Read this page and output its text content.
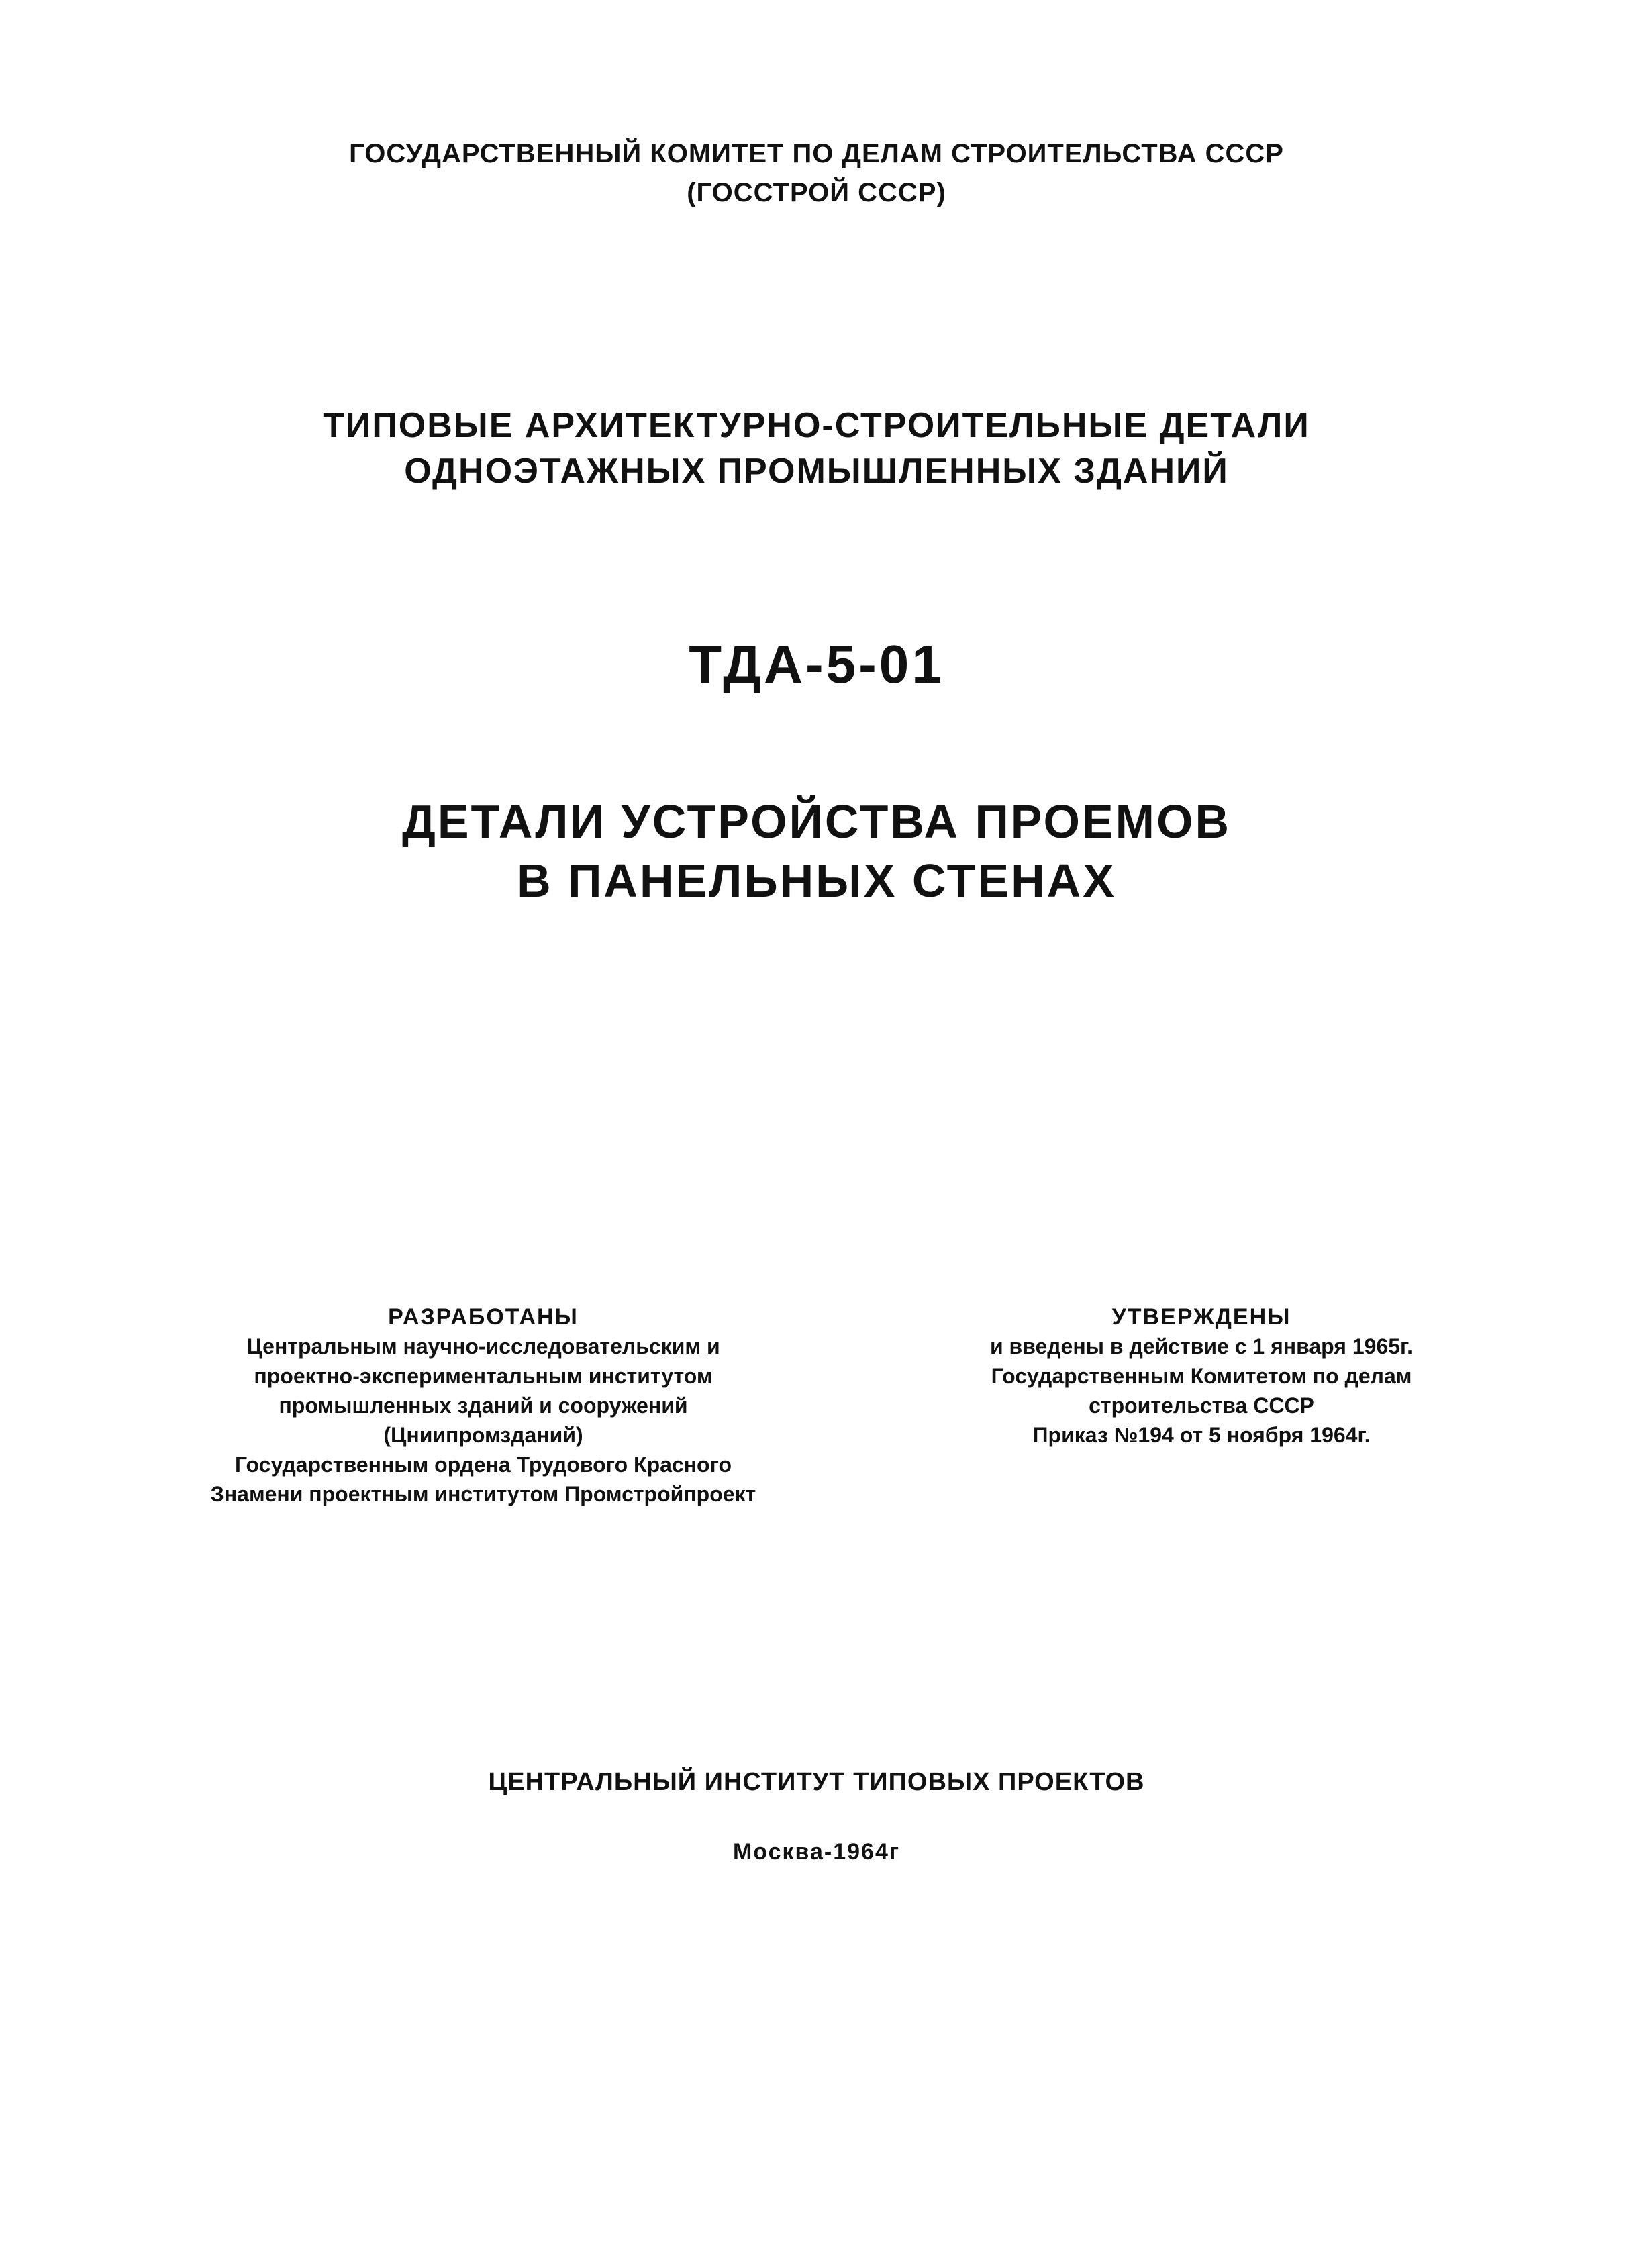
ГОСУДАРСТВЕННЫЙ КОМИТЕТ ПО ДЕЛАМ СТРОИТЕЛЬСТВА СССР
(ГОССТРОЙ СССР)
ТИПОВЫЕ АРХИТЕКТУРНО-СТРОИТЕЛЬНЫЕ ДЕТАЛИ
ОДНОЭТАЖНЫХ ПРОМЫШЛЕННЫХ ЗДАНИЙ
ТДА-5-01
ДЕТАЛИ УСТРОЙСТВА ПРОЕМОВ
В ПАНЕЛЬНЫХ СТЕНАХ
РАЗРАБОТАНЫ
Центральным научно-исследовательским и
проектно-экспериментальным институтом
промышленных зданий и сооружений
(Цниипромзданий)
Государственным ордена Трудового Красного
Знамени проектным институтом Промстройпроект
УТВЕРЖДЕНЫ
и введены в действие с 1 января 1965г.
Государственным Комитетом по делам
строительства СССР
Приказ №194 от 5 ноября 1964г.
ЦЕНТРАЛЬНЫЙ ИНСТИТУТ ТИПОВЫХ ПРОЕКТОВ
Москва-1964г
